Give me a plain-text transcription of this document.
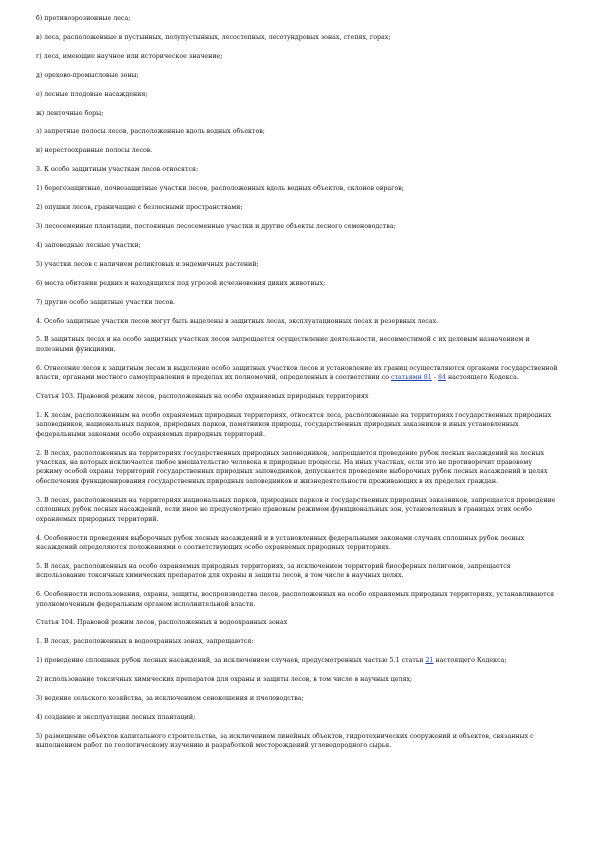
б) противоэрозионные леса;

в) леса, расположенные в пустынных, полупустынных, лесостепных, лесотундровых зонах, степях, горах;

г) леса, имеющие научное или историческое значение;

д) орехово-промысловые зоны;

е) лесные плодовые насаждения;

ж) ленточные боры;

з) запретные полосы лесов, расположенные вдоль водных объектов;

и) нерестоохранные полосы лесов.

3. К особо защитным участкам лесов относятся:

1) берегозащитные, почвозащитные участки лесов, расположенных вдоль водных объектов, склонов оврагов;

2) опушки лесов, граничащие с безлесными пространствами;

3) лесосеменные плантации, постоянные лесосеменные участки и другие объекты лесного семеноводства;

4) заповедные лесные участки;

5) участки лесов с наличием реликтовых и эндемичных растений;

6) места обитания редких и находящихся под угрозой исчезновения диких животных;

7) другие особо защитные участки лесов.

4. Особо защитные участки лесов могут быть выделены в защитных лесах, эксплуатационных лесах и резервных лесах.

5. В защитных лесах и на особо защитных участках лесов запрещается осуществление деятельности, несовместимой с их целевым назначением и полезными функциями.

6. Отнесение лесов к защитным лесам и выделение особо защитных участков лесов и установление их границ осуществляются органами государственной власти, органами местного самоуправления в пределах их полномочий, определенных в соответствии со статьями 81 - 84 настоящего Кодекса.

Статья 103. Правовой режим лесов, расположенных на особо охраняемых природных территориях

1. К лесам, расположенным на особо охраняемых природных территориях, относятся леса, расположенные на территориях государственных природных заповедников, национальных парков, природных парков, памятников природы, государственных природных заказников и иных установленных федеральными законами особо охраняемых природных территорий.

2. В лесах, расположенных на территориях государственных природных заповедников, запрещаются проведение рубок лесных насаждений на лесных участках, на которых исключается любое вмешательство человека в природные процессы. На иных участках, если это не противоречит правовому режиму особой охраны территорий государственных природных заповедников, допускается проведение выборочных рубок лесных насаждений в целях обеспечения функционирования государственных природных заповедников и жизнедеятельности проживающих в их пределах граждан.

3. В лесах, расположенных на территориях национальных парков, природных парков и государственных природных заказников, запрещается проведение сплошных рубок лесных насаждений, если иное не предусмотрено правовым режимом функциональных зон, установленных в границах этих особо охраняемых природных территорий.

4. Особенности проведения выборочных рубок лесных насаждений и в установленных федеральными законами случаях сплошных рубок лесных насаждений определяются положениями о соответствующих особо охраняемых природных территориях.

5. В лесах, расположенных на особо охраняемых природных территориях, за исключением территорий биосферных полигонов, запрещается использование токсичных химических препаратов для охраны и защиты лесов, в том числе в научных целях.

6. Особенности использования, охраны, защиты, воспроизводства лесов, расположенных на особо охраняемых природных территориях, устанавливаются уполномоченным федеральным органом исполнительной власти.

Статья 104. Правовой режим лесов, расположенных в водоохранных зонах

1. В лесах, расположенных в водоохранных зонах, запрещаются:

1) проведение сплошных рубок лесных насаждений, за исключением случаев, предусмотренных частью 5.1 статьи 21 настоящего Кодекса;

2) использование токсичных химических препаратов для охраны и защиты лесов, в том числе в научных целях;

3) ведение сельского хозяйства, за исключением сенокошения и пчеловодства;

4) создание и эксплуатация лесных плантаций;

5) размещение объектов капитального строительства, за исключением линейных объектов, гидротехнических сооружений и объектов, связанных с выполнением работ по геологическому изучению и разработкой месторождений углеводородного сырья.
